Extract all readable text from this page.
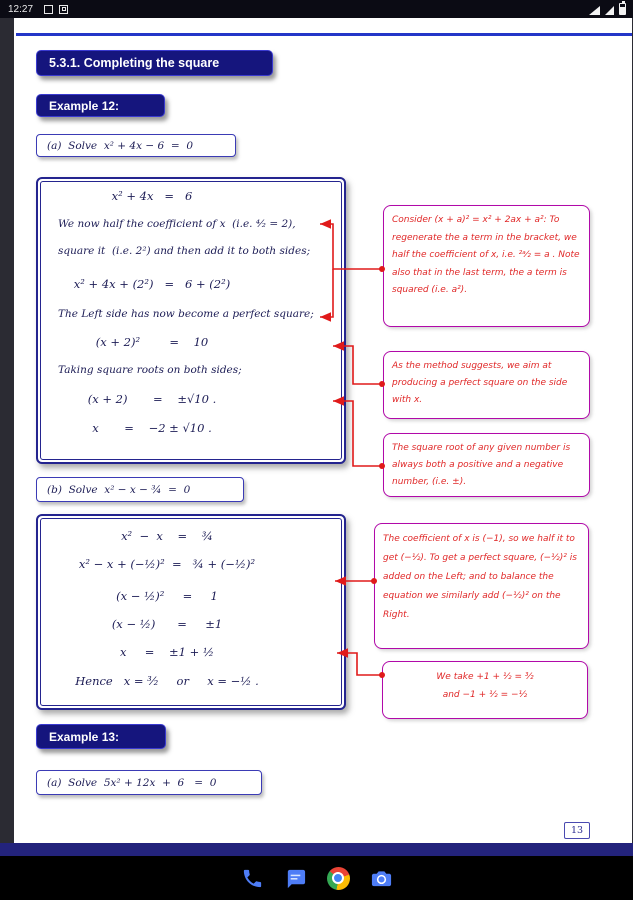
12:27
5.3.1. Completing the square
Example 12:
(a)  Solve  x² + 4x − 6  =  0
x² + 4x   =   6
We now half the coefficient of x  (i.e. ⁴⁄₂ = 2),
square it  (i.e. 2²) and then add it to both sides;
x² + 4x + (2²)   =   6 + (2²)
The Left side has now become a perfect square;
(x + 2)²        =    10
Taking square roots on both sides;
(x + 2)       =    ±√10 .
x       =    −2 ± √10 .
Consider (x + a)² = x² + 2ax + a²: To regenerate the a term in the bracket, we half the coefficient of x, i.e. ²ᵃ⁄₂ = a . Note also that in the last term, the a term is squared (i.e. a²).
As the method suggests, we aim at producing a perfect square on the side with x.
The square root of any given number is always both a positive and a negative number, (i.e. ±).
(b)  Solve  x² − x − ¾  =  0
x²  −  x    =    ¾
x² − x + (−½)²  =   ¾ + (−½)²
(x − ½)²     =     1
(x − ½)      =     ±1
x     =    ±1 + ½
Hence   x = ³⁄₂     or     x = −½ .
The coefficient of x is (−1), so we half it to get (−½). To get a perfect square, (−½)² is added on the Left; and to balance the equation we similarly add (−½)² on the Right.
We take +1 + ½ = ³⁄₂
and −1 + ½ = −½
Example 13:
(a)  Solve  5x² + 12x  +  6   =  0
13
